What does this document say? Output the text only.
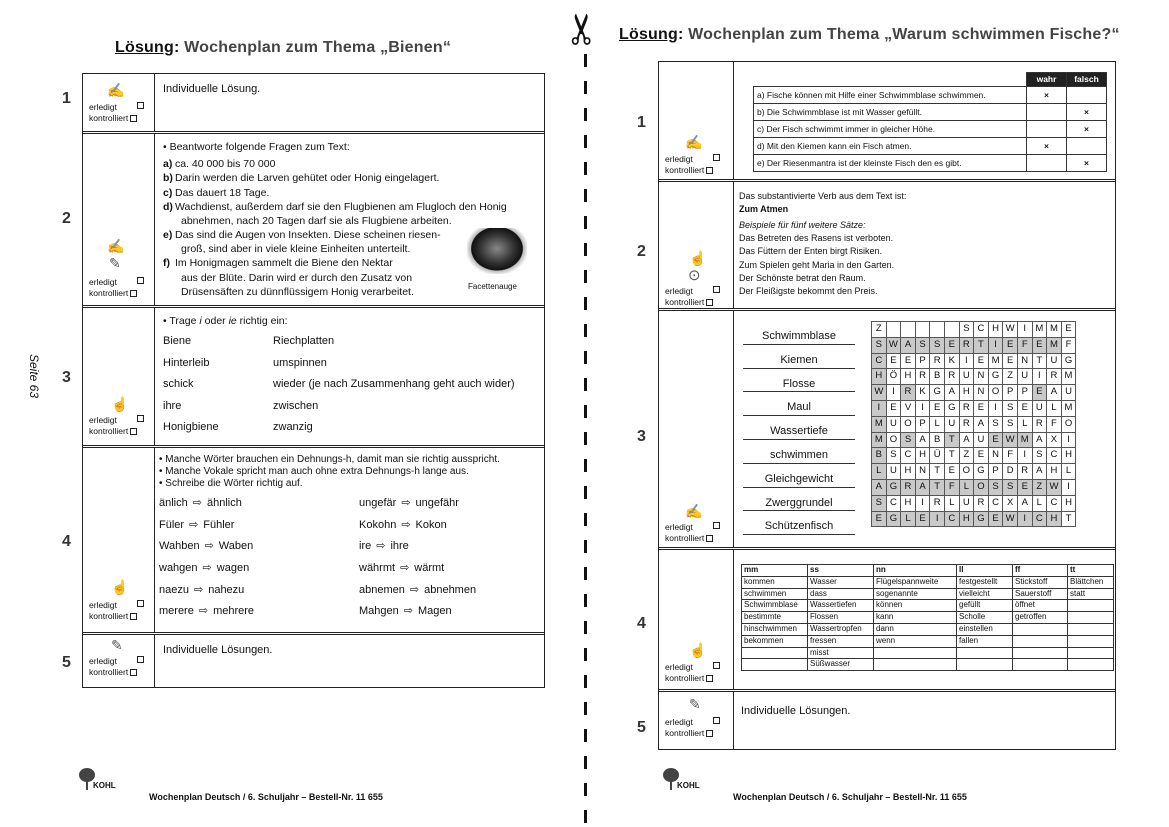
Lösung: Wochenplan zum Thema „Bienen“
Seite 63
1
2
3
4
5
✍
erledigt
kontrolliert
Individuelle Lösung.
✍
✎
erledigt
kontrolliert
• Beantworte folgende Fragen zum Text:
a) ca. 40 000 bis 70 000
b) Darin werden die Larven gehütet oder Honig eingelagert.
c) Das dauert 18 Tage.
d) Wachdienst, außerdem darf sie den Flugbienen am Flugloch den Honig
abnehmen, nach 20 Tagen darf sie als Flugbiene arbeiten.
e) Das sind die Augen von Insekten. Diese scheinen riesen-
groß, sind aber in viele kleine Einheiten unterteilt.
f) Im Honigmagen sammelt die Biene den Nektar
aus der Blüte. Darin wird er durch den Zusatz von
Drüsensäften zu dünnflüssigem Honig verarbeitet.	Facettenauge
☝
erledigt
kontrolliert
• Trage i oder ie richtig ein:
Biene	Riechplatten
Hinterleib	umspinnen
schick	wieder (je nach Zusammenhang geht auch wider)
ihre	zwischen
Honigbiene	zwanzig
☝
erledigt
kontrolliert
• Manche Wörter brauchen ein Dehnungs-h, damit man sie richtig ausspricht.
• Manche Vokale spricht man auch ohne extra Dehnungs-h lange aus.
• Schreibe die Wörter richtig auf.
änlich ⇨ ähnlich	ungefär ⇨ ungefähr
Füler ⇨ Fühler	Kokohn ⇨ Kokon
Wahben ⇨ Waben	ire ⇨ ihre
wahgen ⇨ wagen	währmt ⇨ wärmt
naezu ⇨ nahezu	abnemen ⇨ abnehmen
merere ⇨ mehrere	Mahgen ⇨ Magen
✎
erledigt
kontrolliert
Individuelle Lösungen.
KOHL
Wochenplan Deutsch / 6. Schuljahr – Bestell-Nr. 11 655
✂ Lösung: Wochenplan zum Thema „Warum schwimmen Fische?“
1
2
3
4
5
✍
erledigt
kontrolliert
	wahr	falsch
a) Fische können mit Hilfe einer Schwimmblase schwimmen.	×	
b) Die Schwimmblase ist mit Wasser gefüllt.		×
c) Der Fisch schwimmt immer in gleicher Höhe.		×
d) Mit den Kiemen kann ein Fisch atmen.	×	
e) Der Riesenmantra ist der kleinste Fisch den es gibt.		×
☝
⊙
erledigt
kontrolliert
Das substantivierte Verb aus dem Text ist:
Zum Atmen
Beispiele für fünf weitere Sätze:
Das Betreten des Rasens ist verboten.
Das Füttern der Enten birgt Risiken.
Zum Spielen geht Maria in den Garten.
Der Schönste betrat den Raum.
Der Fleißigste bekommt den Preis.
✍
erledigt
kontrolliert
Schwimmblase
Kiemen
Flosse
Maul
Wassertiefe
schwimmen
Gleichgewicht
Zwerggrundel
Schützenfisch
Z						S	C	H	W	I	M	M	E
S	W	A	S	S	E	R	T	I	E	F	E	M	F
C	E	E	P	R	K	I	E	M	E	N	T	U	G
H	Ö	H	R	B	R	U	N	G	Z	U	I	R	M
W	I	R	K	G	A	H	N	O	P	P	E	A	U
I	E	V	I	E	G	R	E	I	S	E	U	L	M
M	U	O	P	L	U	R	A	S	S	L	R	F	O
M	O	S	A	B	T	A	U	E	W	M	A	X	I
B	S	C	H	Ü	T	Z	E	N	F	I	S	C	H
L	U	H	N	T	E	O	G	P	D	R	A	H	L
A	G	R	A	T	F	L	O	S	S	E	Z	W	I
S	C	H	I	R	L	U	R	C	X	A	L	C	H
E	G	L	E	I	C	H	G	E	W	I	C	H	T
☝
erledigt
kontrolliert
mm	ss	nn	ll	ff	tt
kommen	Wasser	Flügelspannweite	festgestellt	Stickstoff	Blättchen
schwimmen	dass	sogenannte	vielleicht	Sauerstoff	statt
Schwimmblase	Wassertiefen	können	gefüllt	öffnet	
bestimmte	Flossen	kann	Scholle	getroffen	
hinschwimmen	Wassertropfen	dann	einstellen		
bekommen	fressen	wenn	fallen		
	misst				
	Süßwasser				
✎
erledigt
kontrolliert
Individuelle Lösungen.
KOHL
Wochenplan Deutsch / 6. Schuljahr – Bestell-Nr. 11 655
